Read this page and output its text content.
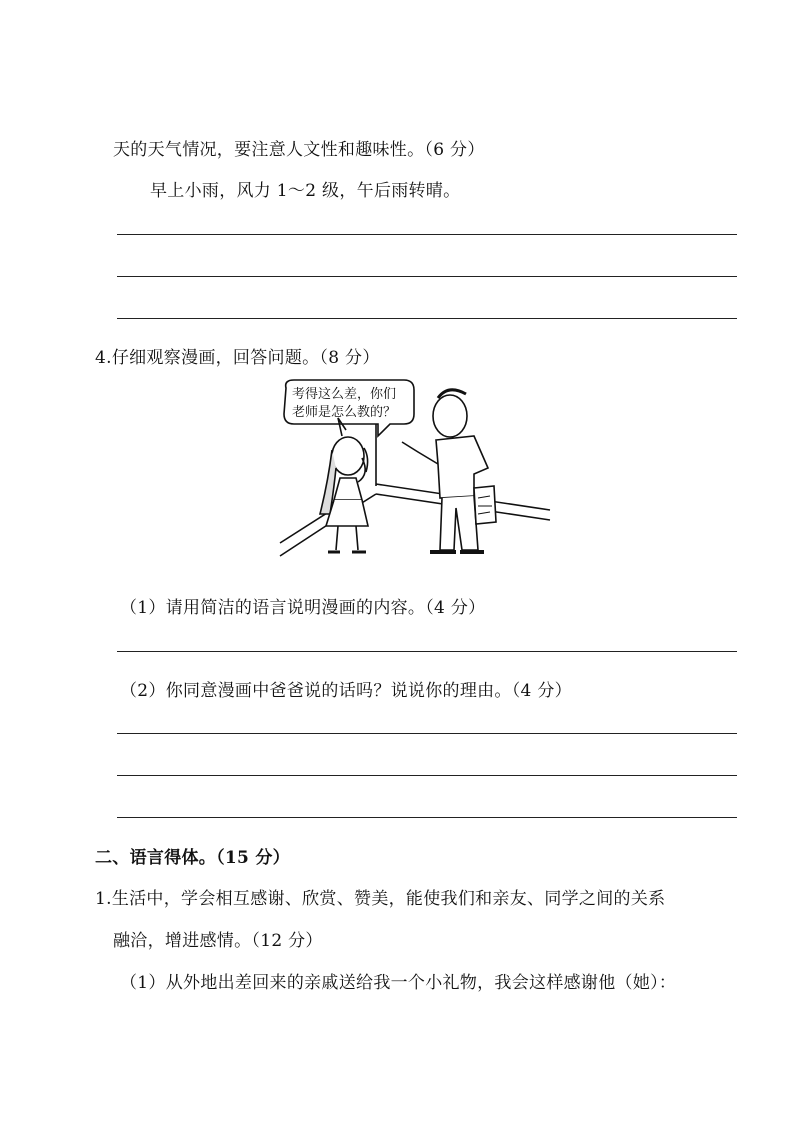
天的天气情况，要注意人文性和趣味性。（6 分）
早上小雨，风力 1～2 级，午后雨转晴。
4.仔细观察漫画，回答问题。（8 分）
考得这么差，你们
老师是怎么教的？
（1）请用简洁的语言说明漫画的内容。（4 分）
（2）你同意漫画中爸爸说的话吗？说说你的理由。（4 分）
二、语言得体。（15 分）
1.生活中，学会相互感谢、欣赏、赞美，能使我们和亲友、同学之间的关系
融洽，增进感情。（12 分）
（1）从外地出差回来的亲戚送给我一个小礼物，我会这样感谢他（她）：
